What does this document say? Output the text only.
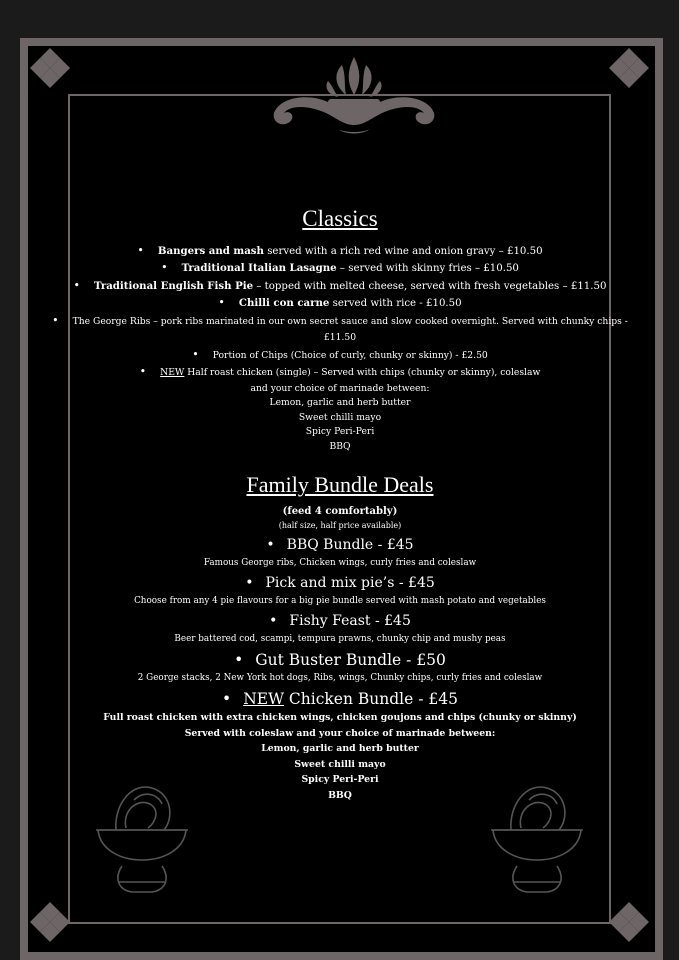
Classics
• Bangers and mash served with a rich red wine and onion gravy – £10.50
• Traditional Italian Lasagne – served with skinny fries – £10.50
• Traditional English Fish Pie – topped with melted cheese, served with fresh vegetables – £11.50
• Chilli con carne served with rice - £10.50
• The George Ribs – pork ribs marinated in our own secret sauce and slow cooked overnight. Served with chunky chips -
£11.50
• Portion of Chips (Choice of curly, chunky or skinny) - £2.50
• NEW Half roast chicken (single) – Served with chips (chunky or skinny), coleslaw
and your choice of marinade between:
Lemon, garlic and herb butter
Sweet chilli mayo
Spicy Peri-Peri
BBQ
Family Bundle Deals
(feed 4 comfortably)
(half size, half price available)
• BBQ Bundle - £45
Famous George ribs, Chicken wings, curly fries and coleslaw
• Pick and mix pie’s - £45
Choose from any 4 pie flavours for a big pie bundle served with mash potato and vegetables
• Fishy Feast - £45
Beer battered cod, scampi, tempura prawns, chunky chip and mushy peas
• Gut Buster Bundle - £50
2 George stacks, 2 New York hot dogs, Ribs, wings, Chunky chips, curly fries and coleslaw
• NEW Chicken Bundle - £45
Full roast chicken with extra chicken wings, chicken goujons and chips (chunky or skinny)
Served with coleslaw and your choice of marinade between:
Lemon, garlic and herb butter
Sweet chilli mayo
Spicy Peri-Peri
BBQ
